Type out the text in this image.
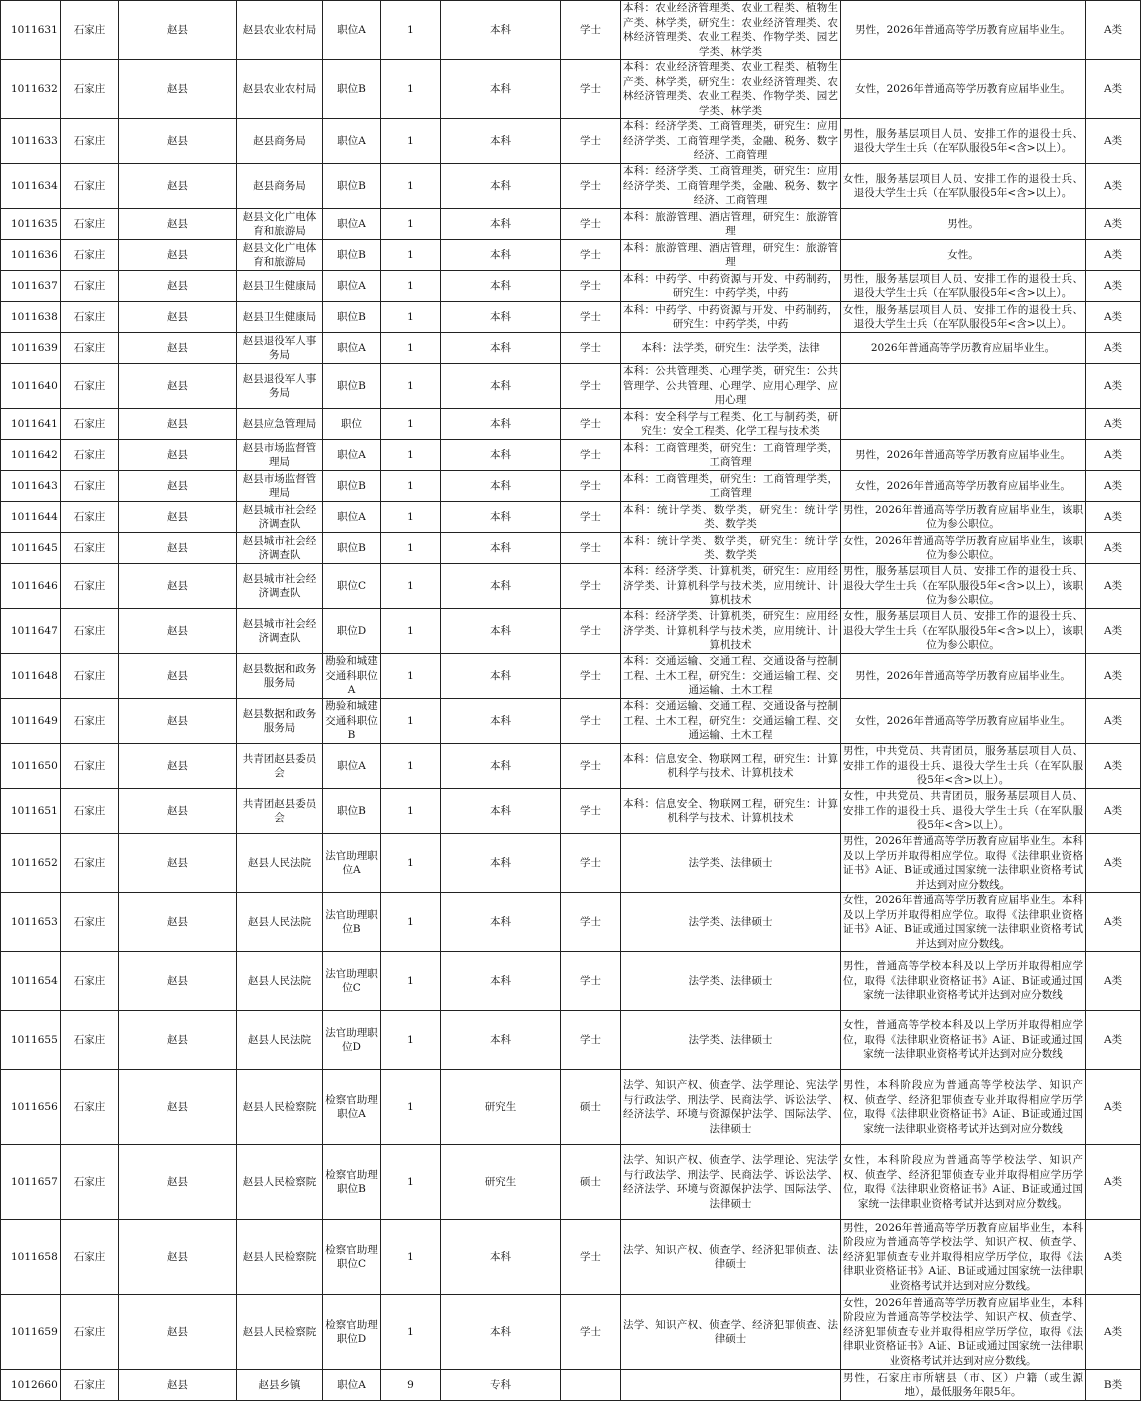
1011631	石家庄	赵县	赵县农业农村局	职位A	1	本科	学士	本科：农业经济管理类、农业工程类、植物生产类、林学类，研究生：农业经济管理类、农林经济管理类、农业工程类、作物学类、园艺学类、林学类	男性，2026年普通高等学历教育应届毕业生。	A类
1011632	石家庄	赵县	赵县农业农村局	职位B	1	本科	学士	本科：农业经济管理类、农业工程类、植物生产类、林学类，研究生：农业经济管理类、农林经济管理类、农业工程类、作物学类、园艺学类、林学类	女性，2026年普通高等学历教育应届毕业生。	A类
1011633	石家庄	赵县	赵县商务局	职位A	1	本科	学士	本科：经济学类、工商管理类，研究生：应用经济学类、工商管理学类，金融、税务、数字经济、工商管理	男性，服务基层项目人员、安排工作的退役士兵、退役大学生士兵（在军队服役5年<含>以上）。	A类
1011634	石家庄	赵县	赵县商务局	职位B	1	本科	学士	本科：经济学类、工商管理类，研究生：应用经济学类、工商管理学类，金融、税务、数字经济、工商管理	女性，服务基层项目人员、安排工作的退役士兵、退役大学生士兵（在军队服役5年<含>以上）。	A类
1011635	石家庄	赵县	赵县文化广电体育和旅游局	职位A	1	本科	学士	本科：旅游管理、酒店管理，研究生：旅游管理	男性。	A类
1011636	石家庄	赵县	赵县文化广电体育和旅游局	职位B	1	本科	学士	本科：旅游管理、酒店管理，研究生：旅游管理	女性。	A类
1011637	石家庄	赵县	赵县卫生健康局	职位A	1	本科	学士	本科：中药学、中药资源与开发、中药制药，研究生：中药学类，中药	男性，服务基层项目人员、安排工作的退役士兵、退役大学生士兵（在军队服役5年<含>以上）。	A类
1011638	石家庄	赵县	赵县卫生健康局	职位B	1	本科	学士	本科：中药学、中药资源与开发、中药制药，研究生：中药学类，中药	女性，服务基层项目人员、安排工作的退役士兵、退役大学生士兵（在军队服役5年<含>以上）。	A类
1011639	石家庄	赵县	赵县退役军人事务局	职位A	1	本科	学士	本科：法学类，研究生：法学类，法律	2026年普通高等学历教育应届毕业生。	A类
1011640	石家庄	赵县	赵县退役军人事务局	职位B	1	本科	学士	本科：公共管理类、心理学类，研究生：公共管理学、公共管理、心理学、应用心理学、应用心理		A类
1011641	石家庄	赵县	赵县应急管理局	职位	1	本科	学士	本科：安全科学与工程类、化工与制药类，研究生：安全工程类、化学工程与技术类		A类
1011642	石家庄	赵县	赵县市场监督管理局	职位A	1	本科	学士	本科：工商管理类，研究生：工商管理学类，工商管理	男性，2026年普通高等学历教育应届毕业生。	A类
1011643	石家庄	赵县	赵县市场监督管理局	职位B	1	本科	学士	本科：工商管理类，研究生：工商管理学类，工商管理	女性，2026年普通高等学历教育应届毕业生。	A类
1011644	石家庄	赵县	赵县城市社会经济调查队	职位A	1	本科	学士	本科：统计学类、数学类，研究生：统计学类、数学类	男性，2026年普通高等学历教育应届毕业生，该职位为参公职位。	A类
1011645	石家庄	赵县	赵县城市社会经济调查队	职位B	1	本科	学士	本科：统计学类、数学类，研究生：统计学类、数学类	女性，2026年普通高等学历教育应届毕业生，该职位为参公职位。	A类
1011646	石家庄	赵县	赵县城市社会经济调查队	职位C	1	本科	学士	本科：经济学类、计算机类，研究生：应用经济学类、计算机科学与技术类，应用统计、计算机技术	男性，服务基层项目人员、安排工作的退役士兵、退役大学生士兵（在军队服役5年<含>以上），该职位为参公职位。	A类
1011647	石家庄	赵县	赵县城市社会经济调查队	职位D	1	本科	学士	本科：经济学类、计算机类，研究生：应用经济学类、计算机科学与技术类，应用统计、计算机技术	女性，服务基层项目人员、安排工作的退役士兵、退役大学生士兵（在军队服役5年<含>以上），该职位为参公职位。	A类
1011648	石家庄	赵县	赵县数据和政务服务局	勘验和城建交通科职位A	1	本科	学士	本科：交通运输、交通工程、交通设备与控制工程、土木工程，研究生：交通运输工程、交通运输、土木工程	男性，2026年普通高等学历教育应届毕业生。	A类
1011649	石家庄	赵县	赵县数据和政务服务局	勘验和城建交通科职位B	1	本科	学士	本科：交通运输、交通工程、交通设备与控制工程、土木工程，研究生：交通运输工程、交通运输、土木工程	女性，2026年普通高等学历教育应届毕业生。	A类
1011650	石家庄	赵县	共青团赵县委员会	职位A	1	本科	学士	本科：信息安全、物联网工程，研究生：计算机科学与技术、计算机技术	男性，中共党员、共青团员，服务基层项目人员、安排工作的退役士兵、退役大学生士兵（在军队服役5年<含>以上）。	A类
1011651	石家庄	赵县	共青团赵县委员会	职位B	1	本科	学士	本科：信息安全、物联网工程，研究生：计算机科学与技术、计算机技术	女性，中共党员、共青团员，服务基层项目人员、安排工作的退役士兵、退役大学生士兵（在军队服役5年<含>以上）。	A类
1011652	石家庄	赵县	赵县人民法院	法官助理职位A	1	本科	学士	法学类、法律硕士	男性，2026年普通高等学历教育应届毕业生。本科及以上学历并取得相应学位。取得《法律职业资格证书》A证、B证或通过国家统一法律职业资格考试并达到对应分数线。	A类
1011653	石家庄	赵县	赵县人民法院	法官助理职位B	1	本科	学士	法学类、法律硕士	女性，2026年普通高等学历教育应届毕业生。本科及以上学历并取得相应学位。取得《法律职业资格证书》A证、B证或通过国家统一法律职业资格考试并达到对应分数线。	A类
1011654	石家庄	赵县	赵县人民法院	法官助理职位C	1	本科	学士	法学类、法律硕士	男性，普通高等学校本科及以上学历并取得相应学位，取得《法律职业资格证书》A证、B证或通过国家统一法律职业资格考试并达到对应分数线	A类
1011655	石家庄	赵县	赵县人民法院	法官助理职位D	1	本科	学士	法学类、法律硕士	女性，普通高等学校本科及以上学历并取得相应学位，取得《法律职业资格证书》A证、B证或通过国家统一法律职业资格考试并达到对应分数线	A类
1011656	石家庄	赵县	赵县人民检察院	检察官助理职位A	1	研究生	硕士	法学、知识产权、侦查学、法学理论、宪法学与行政法学、刑法学、民商法学、诉讼法学、经济法学、环境与资源保护法学、国际法学、法律硕士	男性，本科阶段应为普通高等学校法学、知识产权、侦查学、经济犯罪侦查专业并取得相应学历学位，取得《法律职业资格证书》A证、B证或通过国家统一法律职业资格考试并达到对应分数线	A类
1011657	石家庄	赵县	赵县人民检察院	检察官助理职位B	1	研究生	硕士	法学、知识产权、侦查学、法学理论、宪法学与行政法学、刑法学、民商法学、诉讼法学、经济法学、环境与资源保护法学、国际法学、法律硕士	女性，本科阶段应为普通高等学校法学、知识产权、侦查学、经济犯罪侦查专业并取得相应学历学位，取得《法律职业资格证书》A证、B证或通过国家统一法律职业资格考试并达到对应分数线。	A类
1011658	石家庄	赵县	赵县人民检察院	检察官助理职位C	1	本科	学士	法学、知识产权、侦查学、经济犯罪侦查、法律硕士	男性，2026年普通高等学历教育应届毕业生，本科阶段应为普通高等学校法学、知识产权、侦查学、经济犯罪侦查专业并取得相应学历学位，取得《法律职业资格证书》A证、B证或通过国家统一法律职业资格考试并达到对应分数线。	A类
1011659	石家庄	赵县	赵县人民检察院	检察官助理职位D	1	本科	学士	法学、知识产权、侦查学、经济犯罪侦查、法律硕士	女性，2026年普通高等学历教育应届毕业生，本科阶段应为普通高等学校法学、知识产权、侦查学、经济犯罪侦查专业并取得相应学历学位，取得《法律职业资格证书》A证、B证或通过国家统一法律职业资格考试并达到对应分数线。	A类
1012660	石家庄	赵县	赵县乡镇	职位A	9	专科			男性，石家庄市所辖县（市、区）户籍（或生源地），最低服务年限5年。	B类
